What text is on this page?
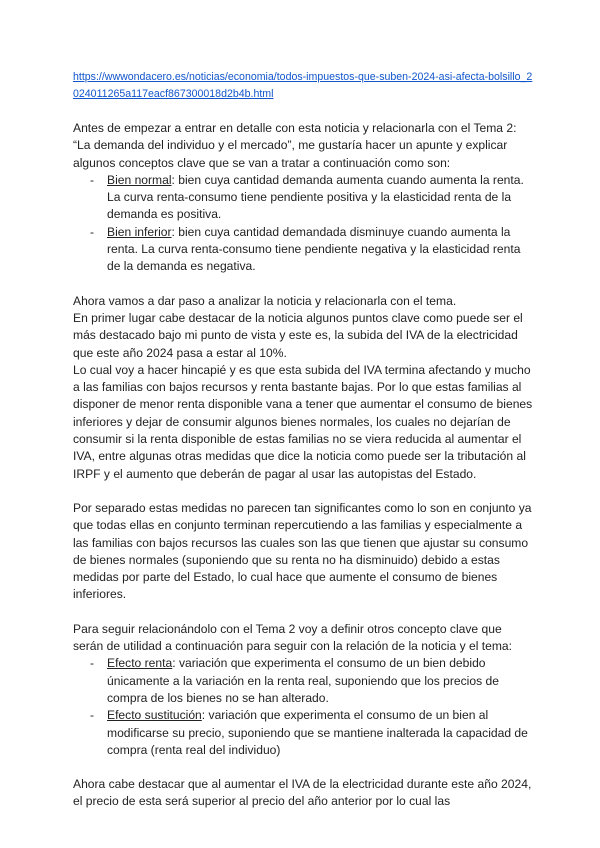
https://wwwondacero.es/noticias/economia/todos-impuestos-que-suben-2024-asi-afecta-bolsillo_2024011265a117eacf867300018d2b4b.html

Antes de empezar a entrar en detalle con esta noticia y relacionarla con el Tema 2: “La demanda del individuo y el mercado”, me gustaría hacer un apunte y explicar algunos conceptos clave que se van a tratar a continuación como son:

- Bien normal: bien cuya cantidad demanda aumenta cuando aumenta la renta. La curva renta-consumo tiene pendiente positiva y la elasticidad renta de la demanda es positiva.
- Bien inferior: bien cuya cantidad demandada disminuye cuando aumenta la renta. La curva renta-consumo tiene pendiente negativa y la elasticidad renta de la demanda es negativa.

Ahora vamos a dar paso a analizar la noticia y relacionarla con el tema.

En primer lugar cabe destacar de la noticia algunos puntos clave como puede ser el más destacado bajo mi punto de vista y este es, la subida del IVA de la electricidad que este año 2024 pasa a estar al 10%.

Lo cual voy a hacer hincapié y es que esta subida del IVA termina afectando y mucho a las familias con bajos recursos y renta bastante bajas. Por lo que estas familias al disponer de menor renta disponible vana a tener que aumentar el consumo de bienes inferiores y dejar de consumir algunos bienes normales, los cuales no dejarían de consumir si la renta disponible de estas familias no se viera reducida al aumentar el IVA, entre algunas otras medidas que dice la noticia como puede ser la tributación al IRPF y el aumento que deberán de pagar al usar las autopistas del Estado.

Por separado estas medidas no parecen tan significantes como lo son en conjunto ya que todas ellas en conjunto terminan repercutiendo a las familias y especialmente a las familias con bajos recursos las cuales son las que tienen que ajustar su consumo de bienes normales (suponiendo que su renta no ha disminuido) debido a estas medidas por parte del Estado, lo cual hace que aumente el consumo de bienes inferiores.

Para seguir relacionándolo con el Tema 2 voy a definir otros concepto clave que serán de utilidad a continuación para seguir con la relación de la noticia y el tema:

- Efecto renta: variación que experimenta el consumo de un bien debido únicamente a la variación en la renta real, suponiendo que los precios de compra de los bienes no se han alterado.
- Efecto sustitución: variación que experimenta el consumo de un bien al modificarse su precio, suponiendo que se mantiene inalterada la capacidad de compra (renta real del individuo)

Ahora cabe destacar que al aumentar el IVA de la electricidad durante este año 2024, el precio de esta será superior al precio del año anterior por lo cual las
